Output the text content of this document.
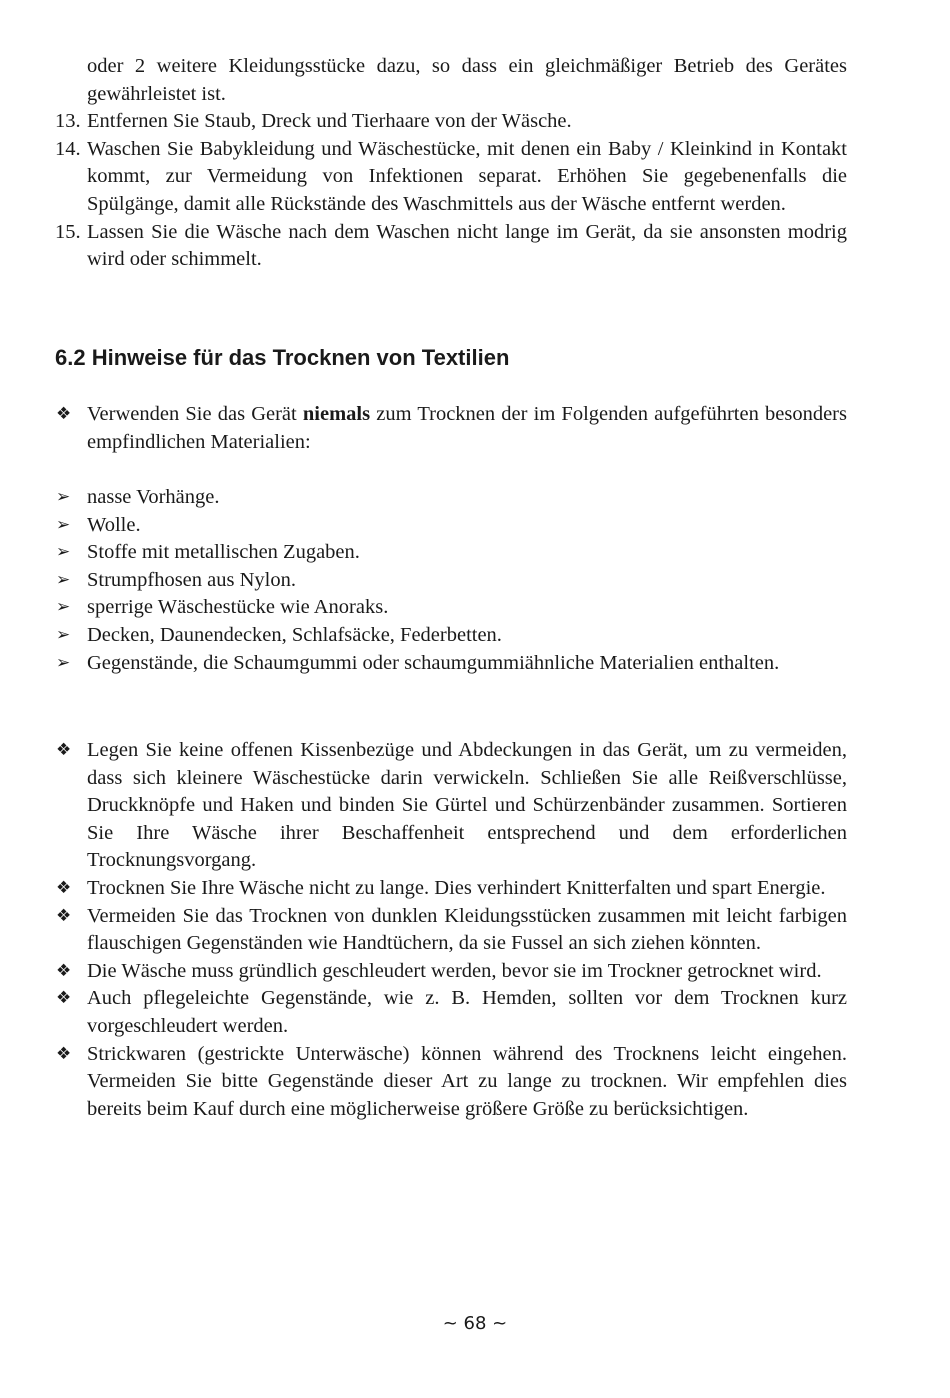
oder 2 weitere Kleidungsstücke dazu, so dass ein gleichmäßiger Betrieb des Gerätes gewährleistet ist.
13. Entfernen Sie Staub, Dreck und Tierhaare von der Wäsche.
14. Waschen Sie Babykleidung und Wäschestücke, mit denen ein Baby / Kleinkind in Kontakt kommt, zur Vermeidung von Infektionen separat. Erhöhen Sie gegebenenfalls die Spülgänge, damit alle Rückstände des Waschmittels aus der Wäsche entfernt werden.
15. Lassen Sie die Wäsche nach dem Waschen nicht lange im Gerät, da sie ansonsten modrig wird oder schimmelt.
6.2 Hinweise für das Trocknen von Textilien
❖ Verwenden Sie das Gerät niemals zum Trocknen der im Folgenden aufgeführten besonders empfindlichen Materialien:
➢ nasse Vorhänge.
➢ Wolle.
➢ Stoffe mit metallischen Zugaben.
➢ Strumpfhosen aus Nylon.
➢ sperrige Wäschestücke wie Anoraks.
➢ Decken, Daunendecken, Schlafsäcke, Federbetten.
➢ Gegenstände, die Schaumgummi oder schaumgummiähnliche Materialien enthalten.
❖ Legen Sie keine offenen Kissenbezüge und Abdeckungen in das Gerät, um zu vermeiden, dass sich kleinere Wäschestücke darin verwickeln. Schließen Sie alle Reißverschlüsse, Druckknöpfe und Haken und binden Sie Gürtel und Schürzenbänder zusammen. Sortieren Sie Ihre Wäsche ihrer Beschaffenheit entsprechend und dem erforderlichen Trocknungsvorgang.
❖ Trocknen Sie Ihre Wäsche nicht zu lange. Dies verhindert Knitterfalten und spart Energie.
❖ Vermeiden Sie das Trocknen von dunklen Kleidungsstücken zusammen mit leicht farbigen flauschigen Gegenständen wie Handtüchern, da sie Fussel an sich ziehen könnten.
❖ Die Wäsche muss gründlich geschleudert werden, bevor sie im Trockner getrocknet wird.
❖ Auch pflegeleichte Gegenstände, wie z. B. Hemden, sollten vor dem Trocknen kurz vorgeschleudert werden.
❖ Strickwaren (gestrickte Unterwäsche) können während des Trocknens leicht eingehen. Vermeiden Sie bitte Gegenstände dieser Art zu lange zu trocknen. Wir empfehlen dies bereits beim Kauf durch eine möglicherweise größere Größe zu berücksichtigen.
~ 68 ~
